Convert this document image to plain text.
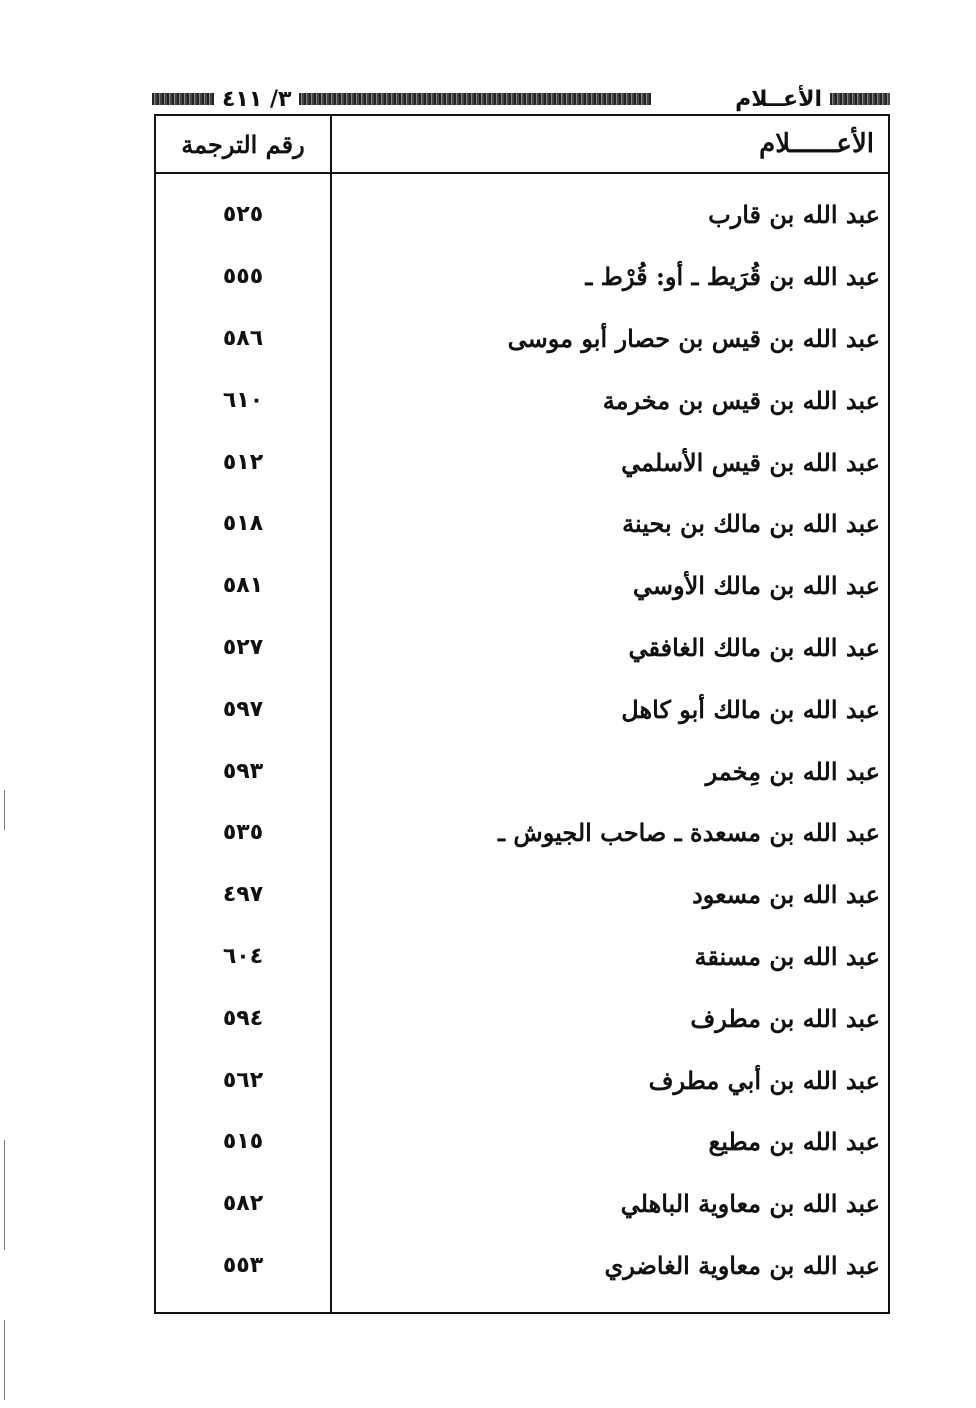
٣/ ٤١١	الأعــلام
رقم الترجمة	الأعــــــلام
٥٢٥	عبد الله بن قارب
٥٥٥	عبد الله بن قُرَيط ـ أو: قُرْط ـ
٥٨٦	عبد الله بن قيس بن حصار أبو موسى
٦١٠	عبد الله بن قيس بن مخرمة
٥١٢	عبد الله بن قيس الأسلمي
٥١٨	عبد الله بن مالك بن بحينة
٥٨١	عبد الله بن مالك الأوسي
٥٢٧	عبد الله بن مالك الغافقي
٥٩٧	عبد الله بن مالك أبو كاهل
٥٩٣	عبد الله بن مِخمر
٥٣٥	عبد الله بن مسعدة ـ صاحب الجيوش ـ
٤٩٧	عبد الله بن مسعود
٦٠٤	عبد الله بن مسنقة
٥٩٤	عبد الله بن مطرف
٥٦٢	عبد الله بن أبي مطرف
٥١٥	عبد الله بن مطيع
٥٨٢	عبد الله بن معاوية الباهلي
٥٥٣	عبد الله بن معاوية الغاضري
